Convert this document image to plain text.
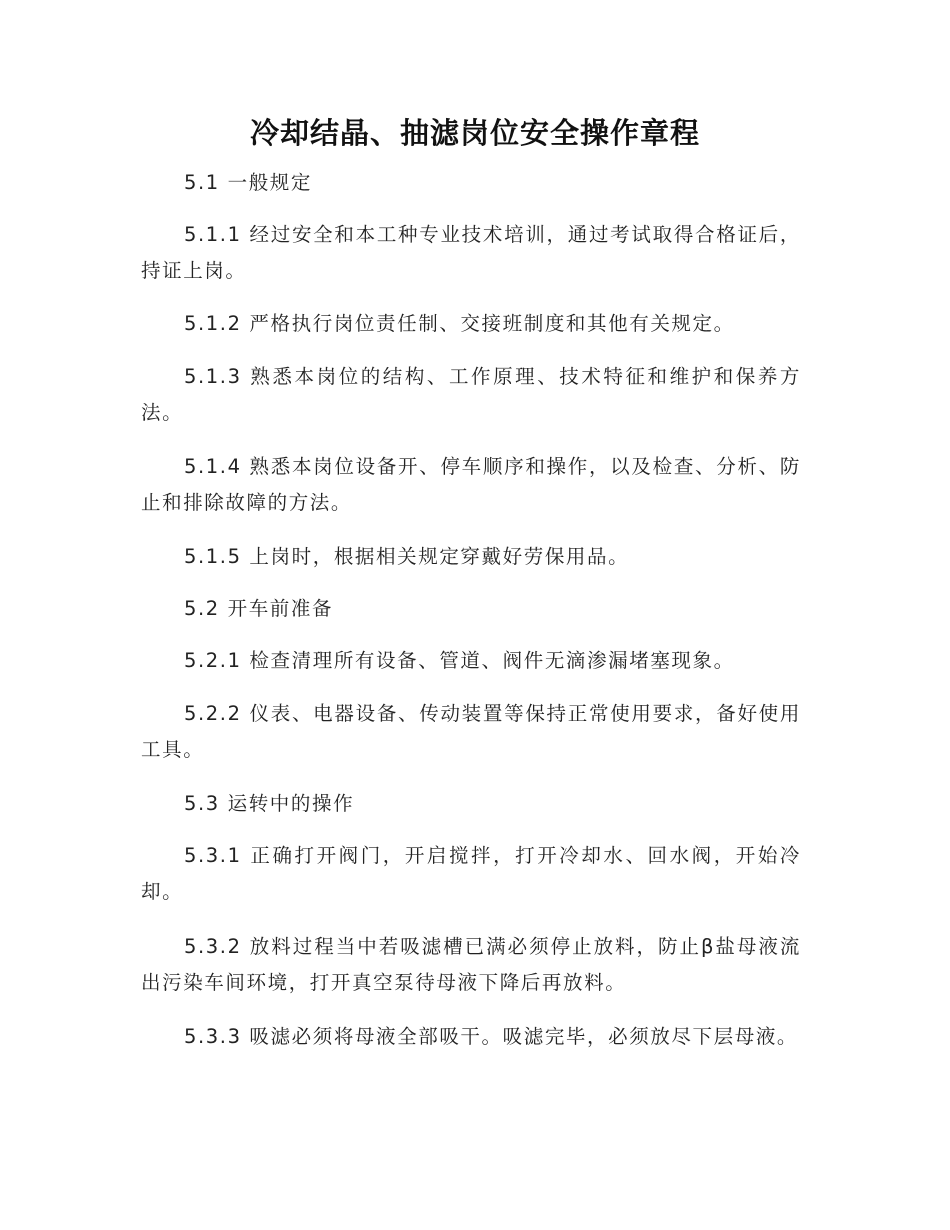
冷却结晶、抽滤岗位安全操作章程

5.1 一般规定

5.1.1 经过安全和本工种专业技术培训，通过考试取得合格证后，持证上岗。

5.1.2 严格执行岗位责任制、交接班制度和其他有关规定。

5.1.3 熟悉本岗位的结构、工作原理、技术特征和维护和保养方法。

5.1.4 熟悉本岗位设备开、停车顺序和操作，以及检查、分析、防止和排除故障的方法。

5.1.5 上岗时，根据相关规定穿戴好劳保用品。

5.2 开车前准备

5.2.1 检查清理所有设备、管道、阀件无滴渗漏堵塞现象。

5.2.2 仪表、电器设备、传动装置等保持正常使用要求，备好使用工具。

5.3 运转中的操作

5.3.1 正确打开阀门，开启搅拌，打开冷却水、回水阀，开始冷却。

5.3.2 放料过程当中若吸滤槽已满必须停止放料，防止β盐母液流出污染车间环境，打开真空泵待母液下降后再放料。

5.3.3 吸滤必须将母液全部吸干。吸滤完毕，必须放尽下层母液。
